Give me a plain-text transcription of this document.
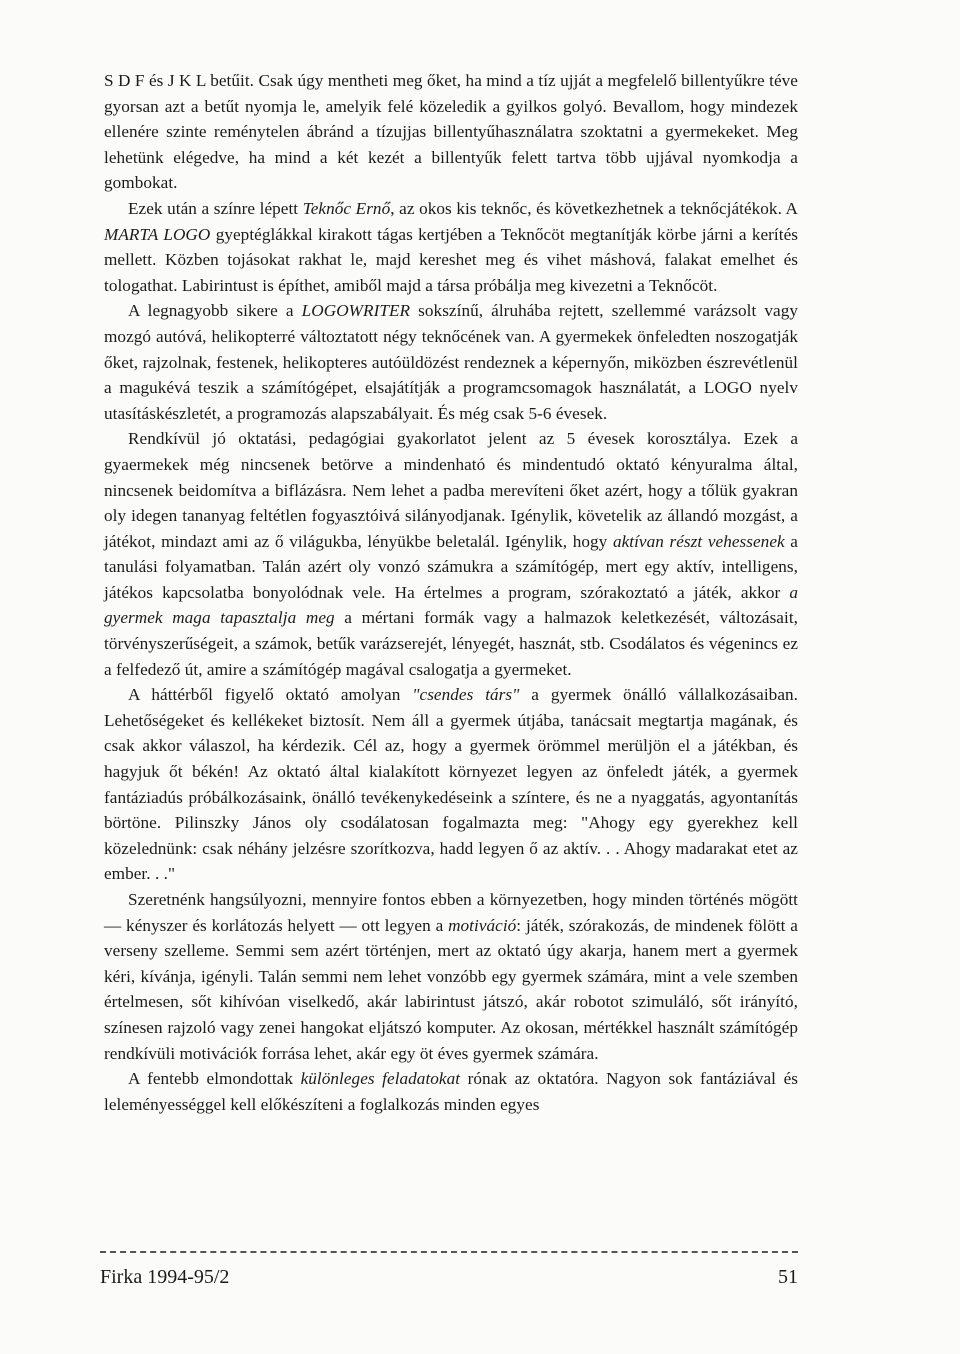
S D F és J K L betűit. Csak úgy mentheti meg őket, ha mind a tíz ujját a megfelelő billentyűkre téve gyorsan azt a betűt nyomja le, amelyik felé közeledik a gyilkos golyó. Bevallom, hogy mindezek ellenére szinte reménytelen ábránd a tízujjas billentyűhasználatra szoktatni a gyermekeket. Meg lehetünk elégedve, ha mind a két kezét a billentyűk felett tartva több ujjával nyomkodja a gombokat.

Ezek után a színre lépett Teknőc Ernő, az okos kis teknőc, és következhetnek a teknőcjátékok. A MARTA LOGO gyeptéglákkal kirakott tágas kertjében a Teknőcöt megtanítják körbe járni a kerítés mellett. Közben tojásokat rakhat le, majd kereshet meg és vihet máshová, falakat emelhet és tologathat. Labirintust is építhet, amiből majd a társa próbálja meg kivezetni a Teknőcöt.

A legnagyobb sikere a LOGOWRITER sokszínű, álruhába rejtett, szellemmé varázsolt vagy mozgó autóvá, helikopterré változtatott négy teknőcének van. A gyermekek önfeledten noszogatják őket, rajzolnak, festenek, helikopteres autóüldözést rendeznek a képernyőn, miközben észrevétlenül a magukévá teszik a számítógépet, elsajátítják a programcsomagok használatát, a LOGO nyelv utasításkészletét, a programozás alapszabályait. És még csak 5-6 évesek.

Rendkívül jó oktatási, pedagógiai gyakorlatot jelent az 5 évesek korosztálya. Ezek a gyaermekek még nincsenek betörve a mindenható és mindentudó oktató kényuralma által, nincsenek beidomítva a biflázásra. Nem lehet a padba merevíteni őket azért, hogy a tőlük gyakran oly idegen tananyag feltétlen fogyasztóivá silányodjanak. Igénylik, követelik az állandó mozgást, a játékot, mindazt ami az ő világukba, lényükbe beletalál. Igénylik, hogy aktívan részt vehessenek a tanulási folyamatban. Talán azért oly vonzó számukra a számítógép, mert egy aktív, intelligens, játékos kapcsolatba bonyolódnak vele. Ha értelmes a program, szórakoztató a játék, akkor a gyermek maga tapasztalja meg a mértani formák vagy a halmazok keletkezését, változásait, törvényszerűségeit, a számok, betűk varázserejét, lényegét, hasznát, stb. Csodálatos és végenincs ez a felfedező út, amire a számítógép magával csalogatja a gyermeket.

A háttérből figyelő oktató amolyan "csendes társ" a gyermek önálló vállalkozásaiban. Lehetőségeket és kellékeket biztosít. Nem áll a gyermek útjába, tanácsait megtartja magának, és csak akkor válaszol, ha kérdezik. Cél az, hogy a gyermek örömmel merüljön el a játékban, és hagyjuk őt békén! Az oktató által kialakított környezet legyen az önfeledt játék, a gyermek fantáziadús próbálkozásaink, önálló tevékenykedéseink a színtere, és ne a nyaggatás, agyontanítás börtöne. Pilinszky János oly csodálatosan fogalmazta meg: "Ahogy egy gyerekhez kell közelednünk: csak néhány jelzésre szorítkozva, hadd legyen ő az aktív. . . Ahogy madarakat etet az ember. . ."

Szeretnénk hangsúlyozni, mennyire fontos ebben a környezetben, hogy minden történés mögött — kényszer és korlátozás helyett — ott legyen a motiváció: játék, szórakozás, de mindenek fölött a verseny szelleme. Semmi sem azért történjen, mert az oktató úgy akarja, hanem mert a gyermek kéri, kívánja, igényli. Talán semmi nem lehet vonzóbb egy gyermek számára, mint a vele szemben értelmesen, sőt kihívóan viselkedő, akár labirintust játszó, akár robotot szimuláló, sőt irányító, színesen rajzoló vagy zenei hangokat eljátszó komputer. Az okosan, mértékkel használt számítógép rendkívüli motivációk forrása lehet, akár egy öt éves gyermek számára.

A fentebb elmondottak különleges feladatokat rónak az oktatóra. Nagyon sok fantáziával és leleményességgel kell előkészíteni a foglalkozás minden egyes

Firka 1994-95/2	51
